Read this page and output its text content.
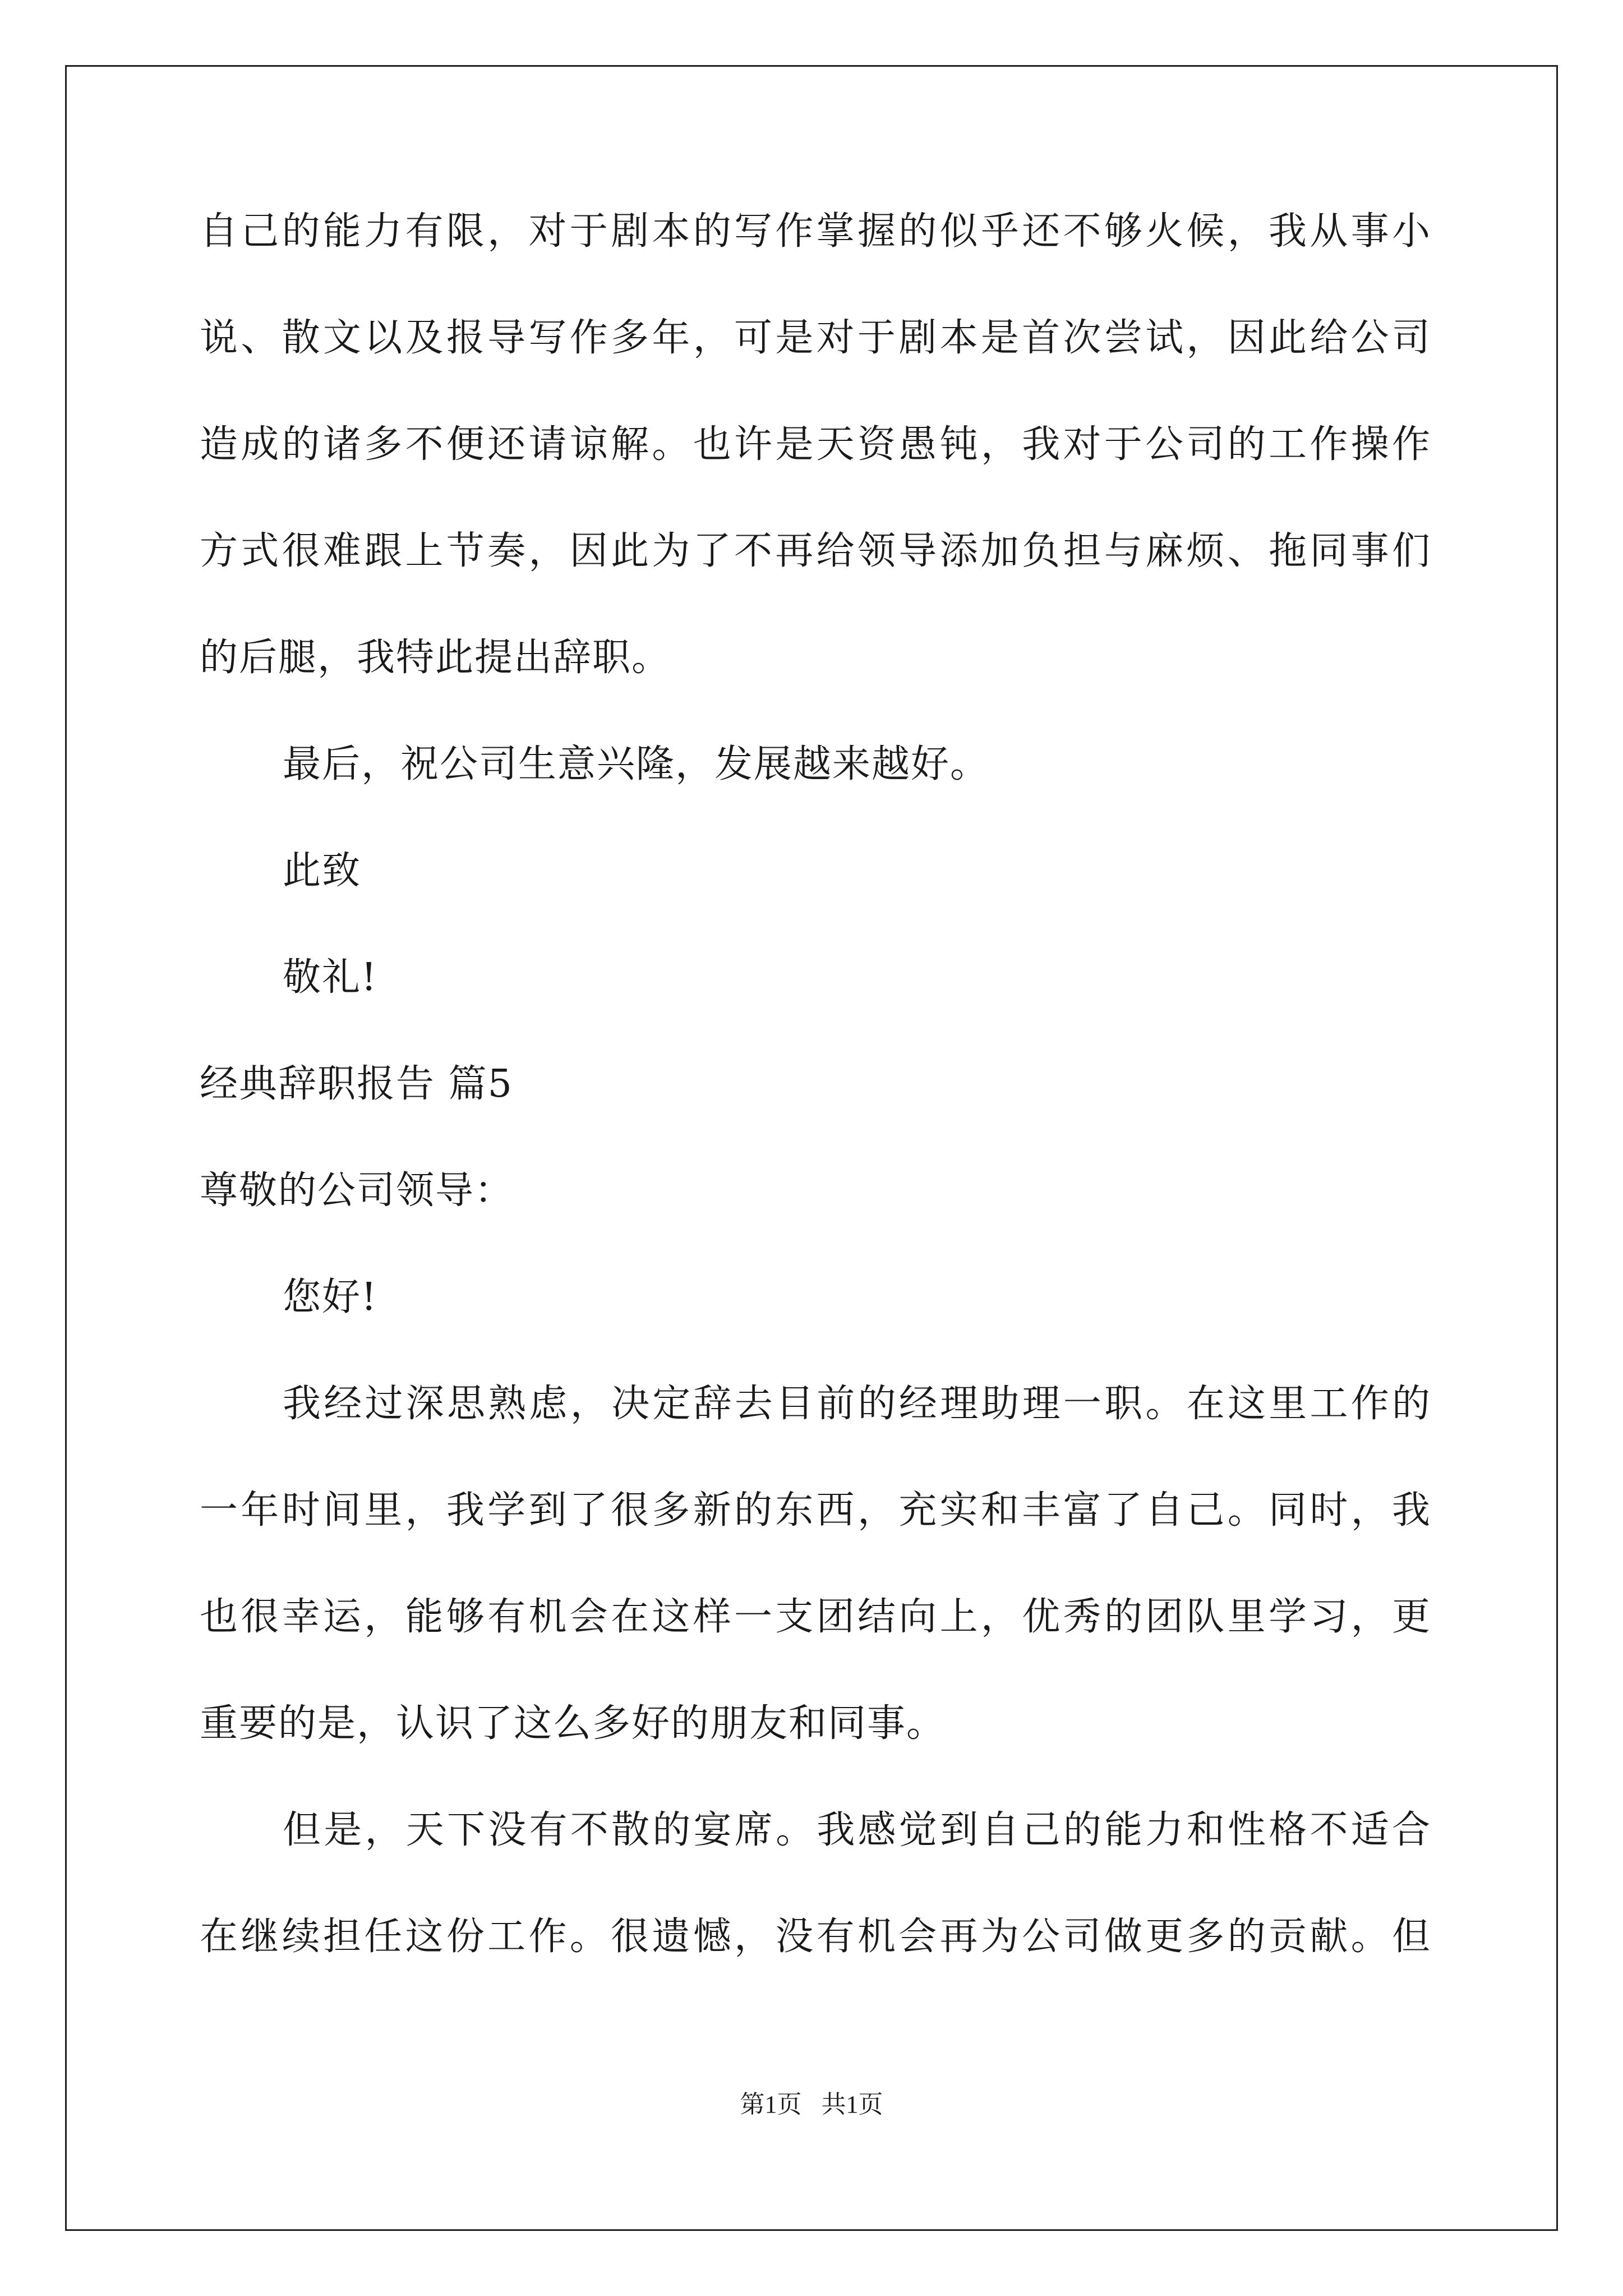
自己的能力有限，对于剧本的写作掌握的似乎还不够火候，我从事小
说、散文以及报导写作多年，可是对于剧本是首次尝试，因此给公司
造成的诸多不便还请谅解。也许是天资愚钝，我对于公司的工作操作
方式很难跟上节奏，因此为了不再给领导添加负担与麻烦、拖同事们
的后腿，我特此提出辞职。
最后，祝公司生意兴隆，发展越来越好。
此致
敬礼!
经典辞职报告 篇5
尊敬的公司领导：
您好!
我经过深思熟虑，决定辞去目前的经理助理一职。在这里工作的
一年时间里，我学到了很多新的东西，充实和丰富了自己。同时，我
也很幸运，能够有机会在这样一支团结向上，优秀的团队里学习，更
重要的是，认识了这么多好的朋友和同事。
但是，天下没有不散的宴席。我感觉到自己的能力和性格不适合
在继续担任这份工作。很遗憾，没有机会再为公司做更多的贡献。但
第1页 共1页
